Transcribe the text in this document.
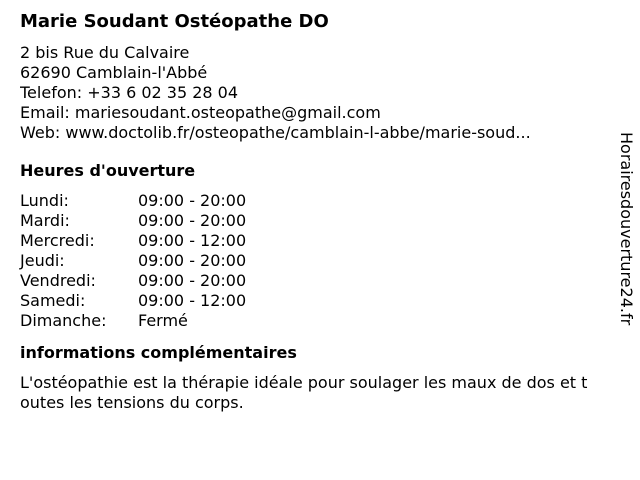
Marie Soudant Ostéopathe DO
2 bis Rue du Calvaire
62690 Camblain-l'Abbé
Telefon: +33 6 02 35 28 04
Email: mariesoudant.osteopathe@gmail.com
Web: www.doctolib.fr/osteopathe/camblain-l-abbe/marie-soud...
Heures d'ouverture
Lundi:	09:00 - 20:00
Mardi:	09:00 - 20:00
Mercredi:	09:00 - 12:00
Jeudi:	09:00 - 20:00
Vendredi:	09:00 - 20:00
Samedi:	09:00 - 12:00
Dimanche:	Fermé
informations complémentaires
L'ostéopathie est la thérapie idéale pour soulager les maux de dos et toutes les tensions du corps.
Horairesdouverture24.fr
